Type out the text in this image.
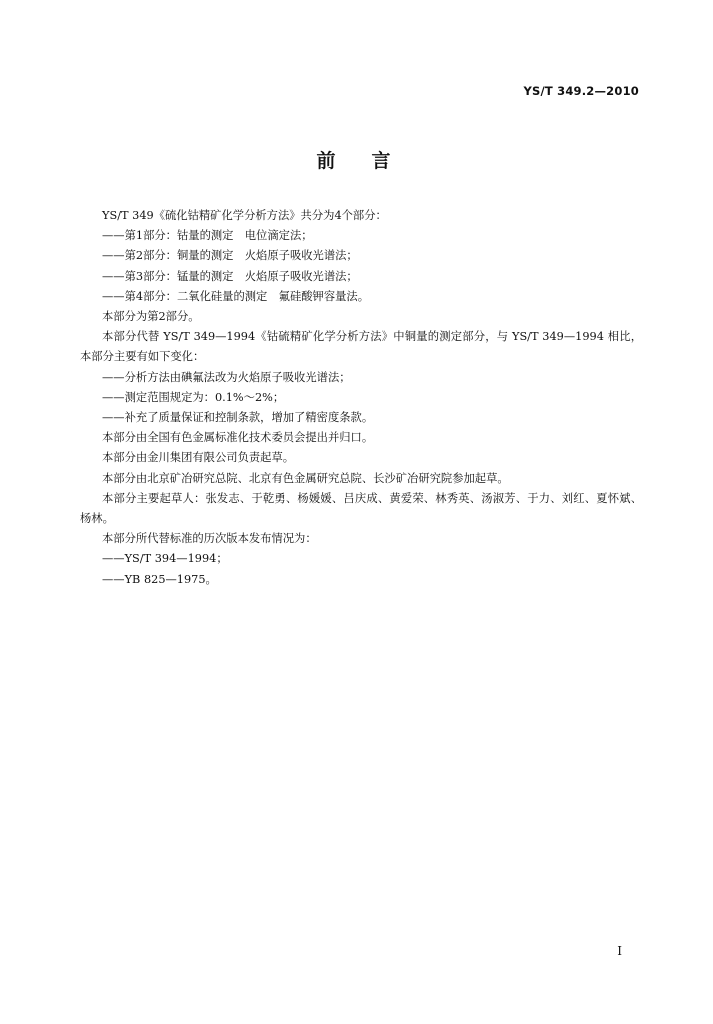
YS/T 349.2—2010
前言

YS/T 349《硫化钴精矿化学分析方法》共分为4个部分：

——第1部分：钴量的测定　电位滴定法；

——第2部分：铜量的测定　火焰原子吸收光谱法；

——第3部分：锰量的测定　火焰原子吸收光谱法；

——第4部分：二氧化硅量的测定　氟硅酸钾容量法。

本部分为第2部分。

本部分代替 YS/T 349—1994《钴硫精矿化学分析方法》中铜量的测定部分，与 YS/T 349—1994 相比，本部分主要有如下变化：

——分析方法由碘氟法改为火焰原子吸收光谱法；

——测定范围规定为：0.1%～2%；

——补充了质量保证和控制条款，增加了精密度条款。

本部分由全国有色金属标准化技术委员会提出并归口。

本部分由金川集团有限公司负责起草。

本部分由北京矿冶研究总院、北京有色金属研究总院、长沙矿冶研究院参加起草。

本部分主要起草人：张发志、于乾勇、杨媛媛、吕庆成、黄爱荣、林秀英、汤淑芳、于力、刘红、夏怀斌、杨林。

本部分所代替标准的历次版本发布情况为：

——YS/T 394—1994；

——YB 825—1975。

I
